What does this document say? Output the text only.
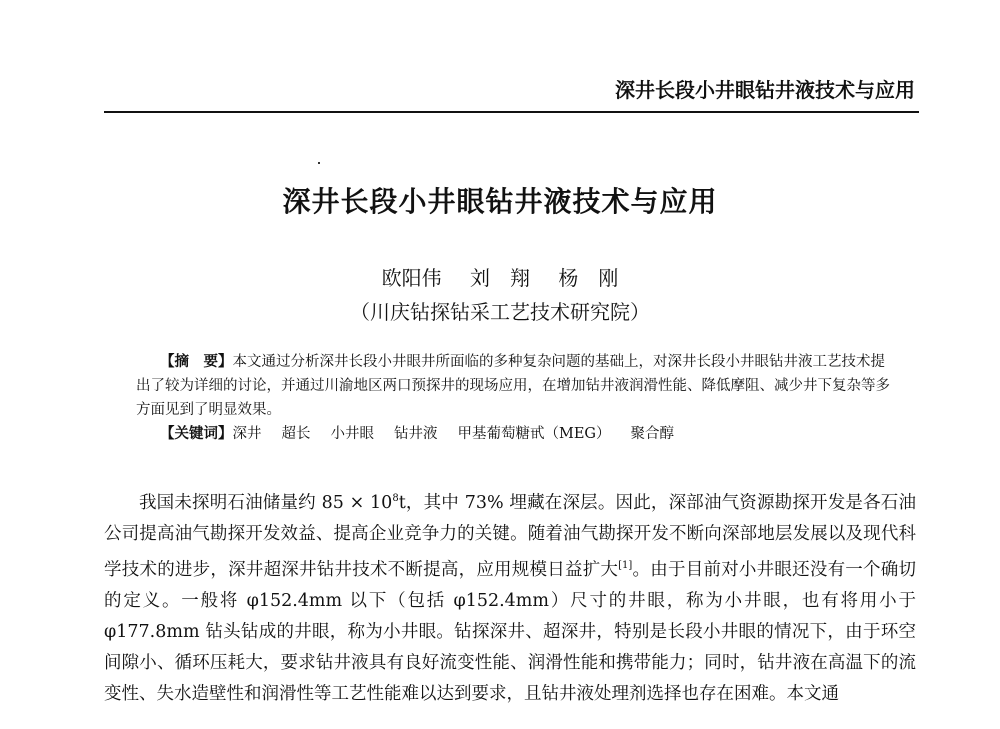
深井长段小井眼钻井液技术与应用
深井长段小井眼钻井液技术与应用
欧阳伟 刘　翔 杨　刚
（川庆钻探钻采工艺技术研究院）

【摘　要】本文通过分析深井长段小井眼井所面临的多种复杂问题的基础上，对深井长段小井眼钻井液工艺技术提出了较为详细的讨论，并通过川渝地区两口预探井的现场应用，在增加钻井液润滑性能、降低摩阻、减少井下复杂等多方面见到了明显效果。

【关键词】深井 超长 小井眼 钻井液 甲基葡萄糖甙（MEG） 聚合醇

我国未探明石油储量约 $85 \times 10^8t$，其中 73% 埋藏在深层。因此，深部油气资源勘探开发是各石油公司提高油气勘探开发效益、提高企业竞争力的关键。随着油气勘探开发不断向深部地层发展以及现代科学技术的进步，深井超深井钻井技术不断提高，应用规模日益扩大[1]。由于目前对小井眼还没有一个确切的定义。一般将 φ152.4mm 以下（包括 φ152.4mm）尺寸的井眼，称为小井眼，也有将用小于 φ177.8mm 钻头钻成的井眼，称为小井眼。钻探深井、超深井，特别是长段小井眼的情况下，由于环空间隙小、循环压耗大，要求钻井液具有良好流变性能、润滑性能和携带能力；同时，钻井液在高温下的流变性、失水造壁性和润滑性等工艺性能难以达到要求，且钻井液处理剂选择也存在困难。本文通
